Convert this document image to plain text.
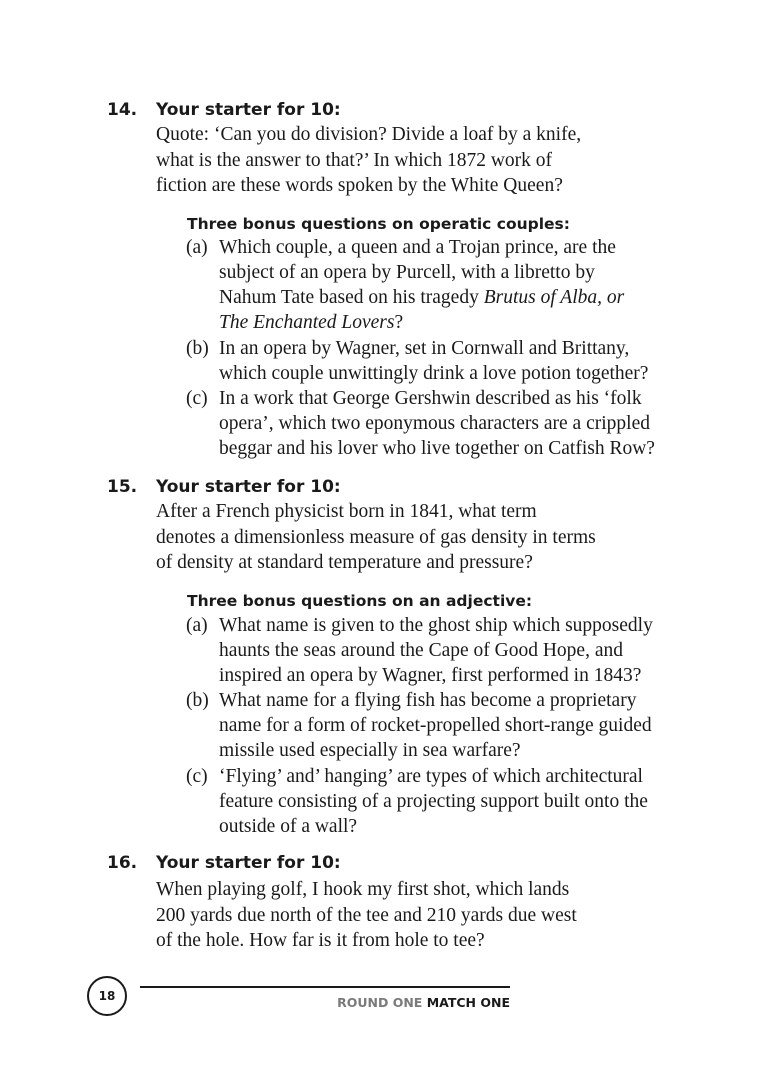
14. Your starter for 10:
Quote: ‘Can you do division? Divide a loaf by a knife,
what is the answer to that?’ In which 1872 work of
fiction are these words spoken by the White Queen?
Three bonus questions on operatic couples:
(a) Which couple, a queen and a Trojan prince, are the
subject of an opera by Purcell, with a libretto by
Nahum Tate based on his tragedy Brutus of Alba, or
The Enchanted Lovers?
(b) In an opera by Wagner, set in Cornwall and Brittany,
which couple unwittingly drink a love potion together?
(c) In a work that George Gershwin described as his ‘folk
opera’, which two eponymous characters are a crippled
beggar and his lover who live together on Catfish Row?
15. Your starter for 10:
After a French physicist born in 1841, what term
denotes a dimensionless measure of gas density in terms
of density at standard temperature and pressure?
Three bonus questions on an adjective:
(a) What name is given to the ghost ship which supposedly
haunts the seas around the Cape of Good Hope, and
inspired an opera by Wagner, first performed in 1843?
(b) What name for a flying fish has become a proprietary
name for a form of rocket-propelled short-range guided
missile used especially in sea warfare?
(c) ‘Flying’ and’ hanging’ are types of which architectural
feature consisting of a projecting support built onto the
outside of a wall?
16. Your starter for 10:
When playing golf, I hook my first shot, which lands
200 yards due north of the tee and 210 yards due west
of the hole. How far is it from hole to tee?
18	ROUND ONE MATCH ONE
